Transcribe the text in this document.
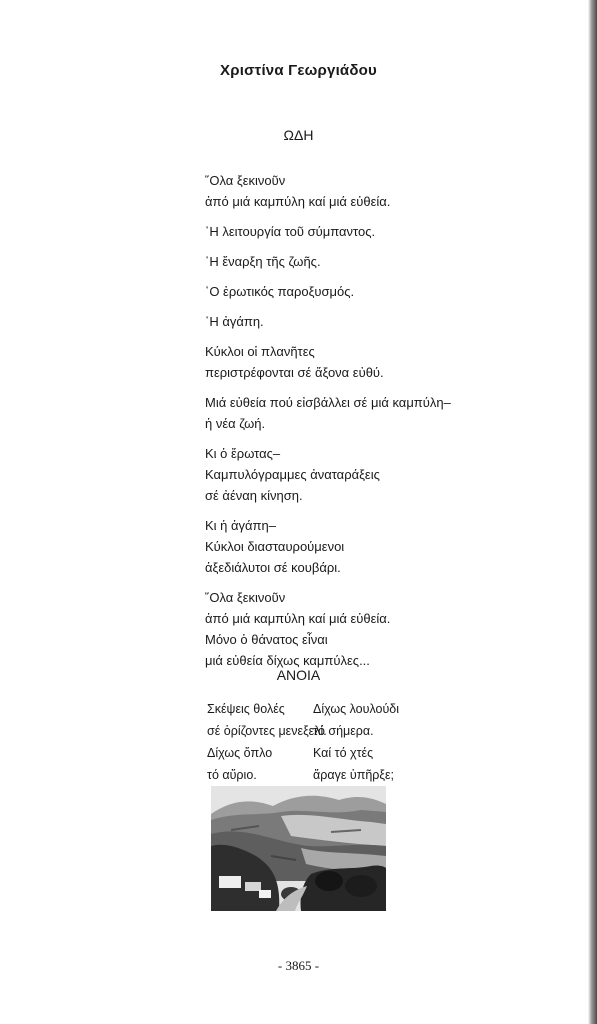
Χριστίνα Γεωργιάδου
ΩΔΗ
῞Ολα ξεκινοῦν
ἀπό μιά καμπύλη καί μιά εὐθεία.
῾Η λειτουργία τοῦ σύμπαντος.
῾Η ἔναρξη τῆς ζωῆς.
῾Ο ἐρωτικός παροξυσμός.
῾Η ἀγάπη.
Κύκλοι οἱ πλανῆτες
περιστρέφονται σέ ἄξονα εὐθύ.
Μιά εὐθεία πού εἰσβάλλει σέ μιά καμπύλη–
ἡ νέα ζωή.
Κι ὁ ἔρωτας–
Καμπυλόγραμμες ἀναταράξεις
σέ ἀέναη κίνηση.
Κι ἡ ἀγάπη–
Κύκλοι διασταυρούμενοι
ἀξεδιάλυτοι σέ κουβάρι.
῞Ολα ξεκινοῦν
ἀπό μιά καμπύλη καί μιά εὐθεία.
Μόνο ὁ θάνατος εἶναι
μιά εὐθεία δίχως καμπύλες...
ΑΝΟΙΑ
Σκέψεις θολές
σέ ὁρίζοντες μενεξελί.
Δίχως ὅπλο
τό αὔριο.
Δίχως λουλούδι
τό σήμερα.
Καί τό χτές
ἄραγε ὑπῆρξε;
- 3865 -
